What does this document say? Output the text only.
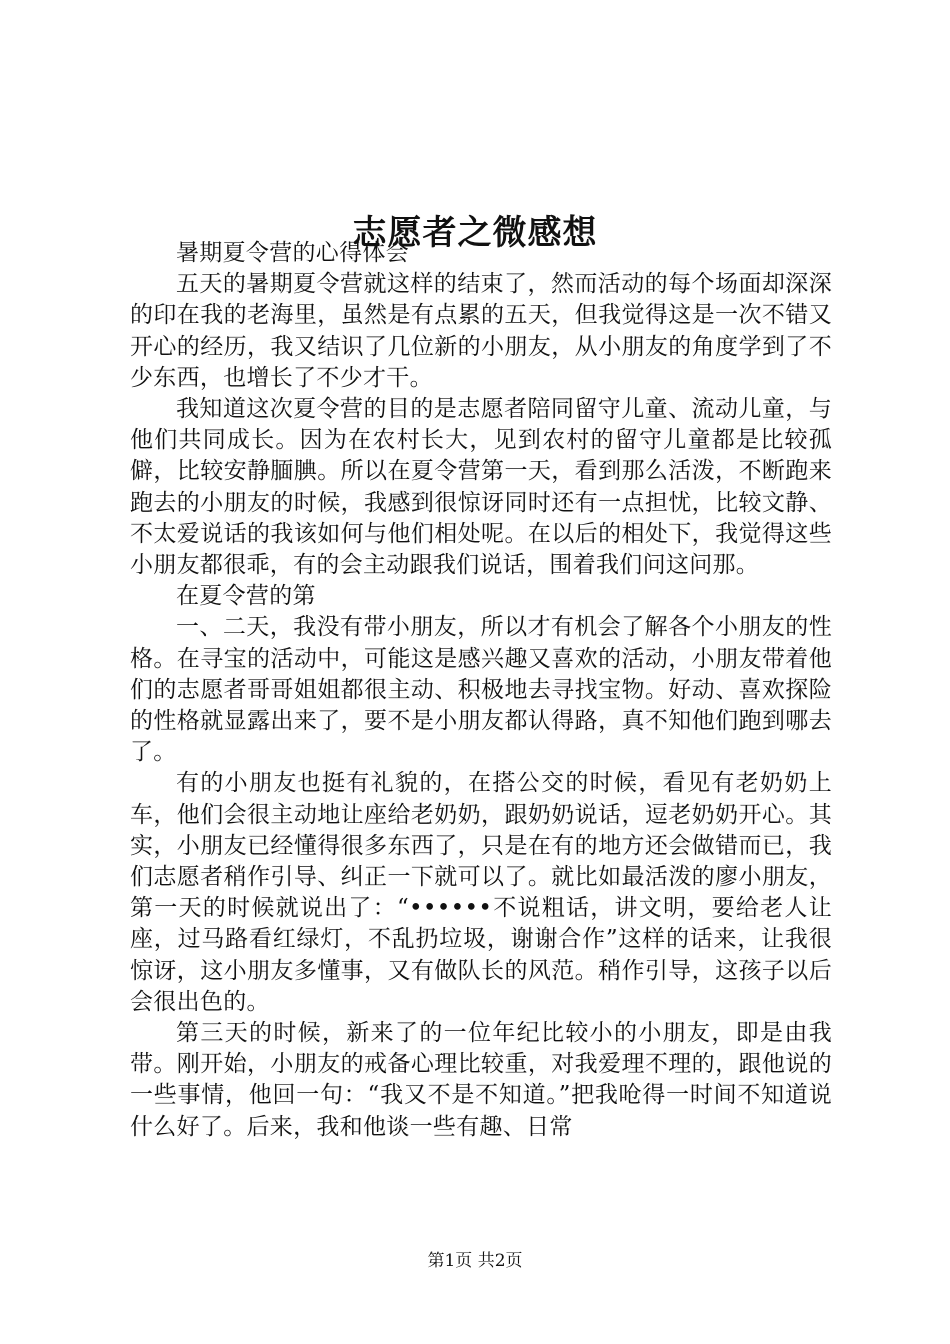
志愿者之微感想

暑期夏令营的心得体会

五天的暑期夏令营就这样的结束了，然而活动的每个场面却深深的印在我的老海里，虽然是有点累的五天，但我觉得这是一次不错又开心的经历，我又结识了几位新的小朋友，从小朋友的角度学到了不少东西，也增长了不少才干。

我知道这次夏令营的目的是志愿者陪同留守儿童、流动儿童，与他们共同成长。因为在农村长大，见到农村的留守儿童都是比较孤僻，比较安静腼腆。所以在夏令营第一天，看到那么活泼，不断跑来跑去的小朋友的时候，我感到很惊讶同时还有一点担忧，比较文静、不太爱说话的我该如何与他们相处呢。在以后的相处下，我觉得这些小朋友都很乖，有的会主动跟我们说话，围着我们问这问那。

在夏令营的第

一、二天，我没有带小朋友，所以才有机会了解各个小朋友的性格。在寻宝的活动中，可能这是感兴趣又喜欢的活动，小朋友带着他们的志愿者哥哥姐姐都很主动、积极地去寻找宝物。好动、喜欢探险的性格就显露出来了，要不是小朋友都认得路，真不知他们跑到哪去了。

有的小朋友也挺有礼貌的，在搭公交的时候，看见有老奶奶上车，他们会很主动地让座给老奶奶，跟奶奶说话，逗老奶奶开心。其实，小朋友已经懂得很多东西了，只是在有的地方还会做错而已，我们志愿者稍作引导、纠正一下就可以了。就比如最活泼的廖小朋友，第一天的时候就说出了：“••••••不说粗话，讲文明，要给老人让座，过马路看红绿灯，不乱扔垃圾，谢谢合作”这样的话来，让我很惊讶，这小朋友多懂事，又有做队长的风范。稍作引导，这孩子以后会很出色的。

第三天的时候，新来了的一位年纪比较小的小朋友，即是由我带。刚开始，小朋友的戒备心理比较重，对我爱理不理的，跟他说的一些事情，他回一句：“我又不是不知道。”把我呛得一时间不知道说什么好了。后来，我和他谈一些有趣、日常

第1页 共2页
